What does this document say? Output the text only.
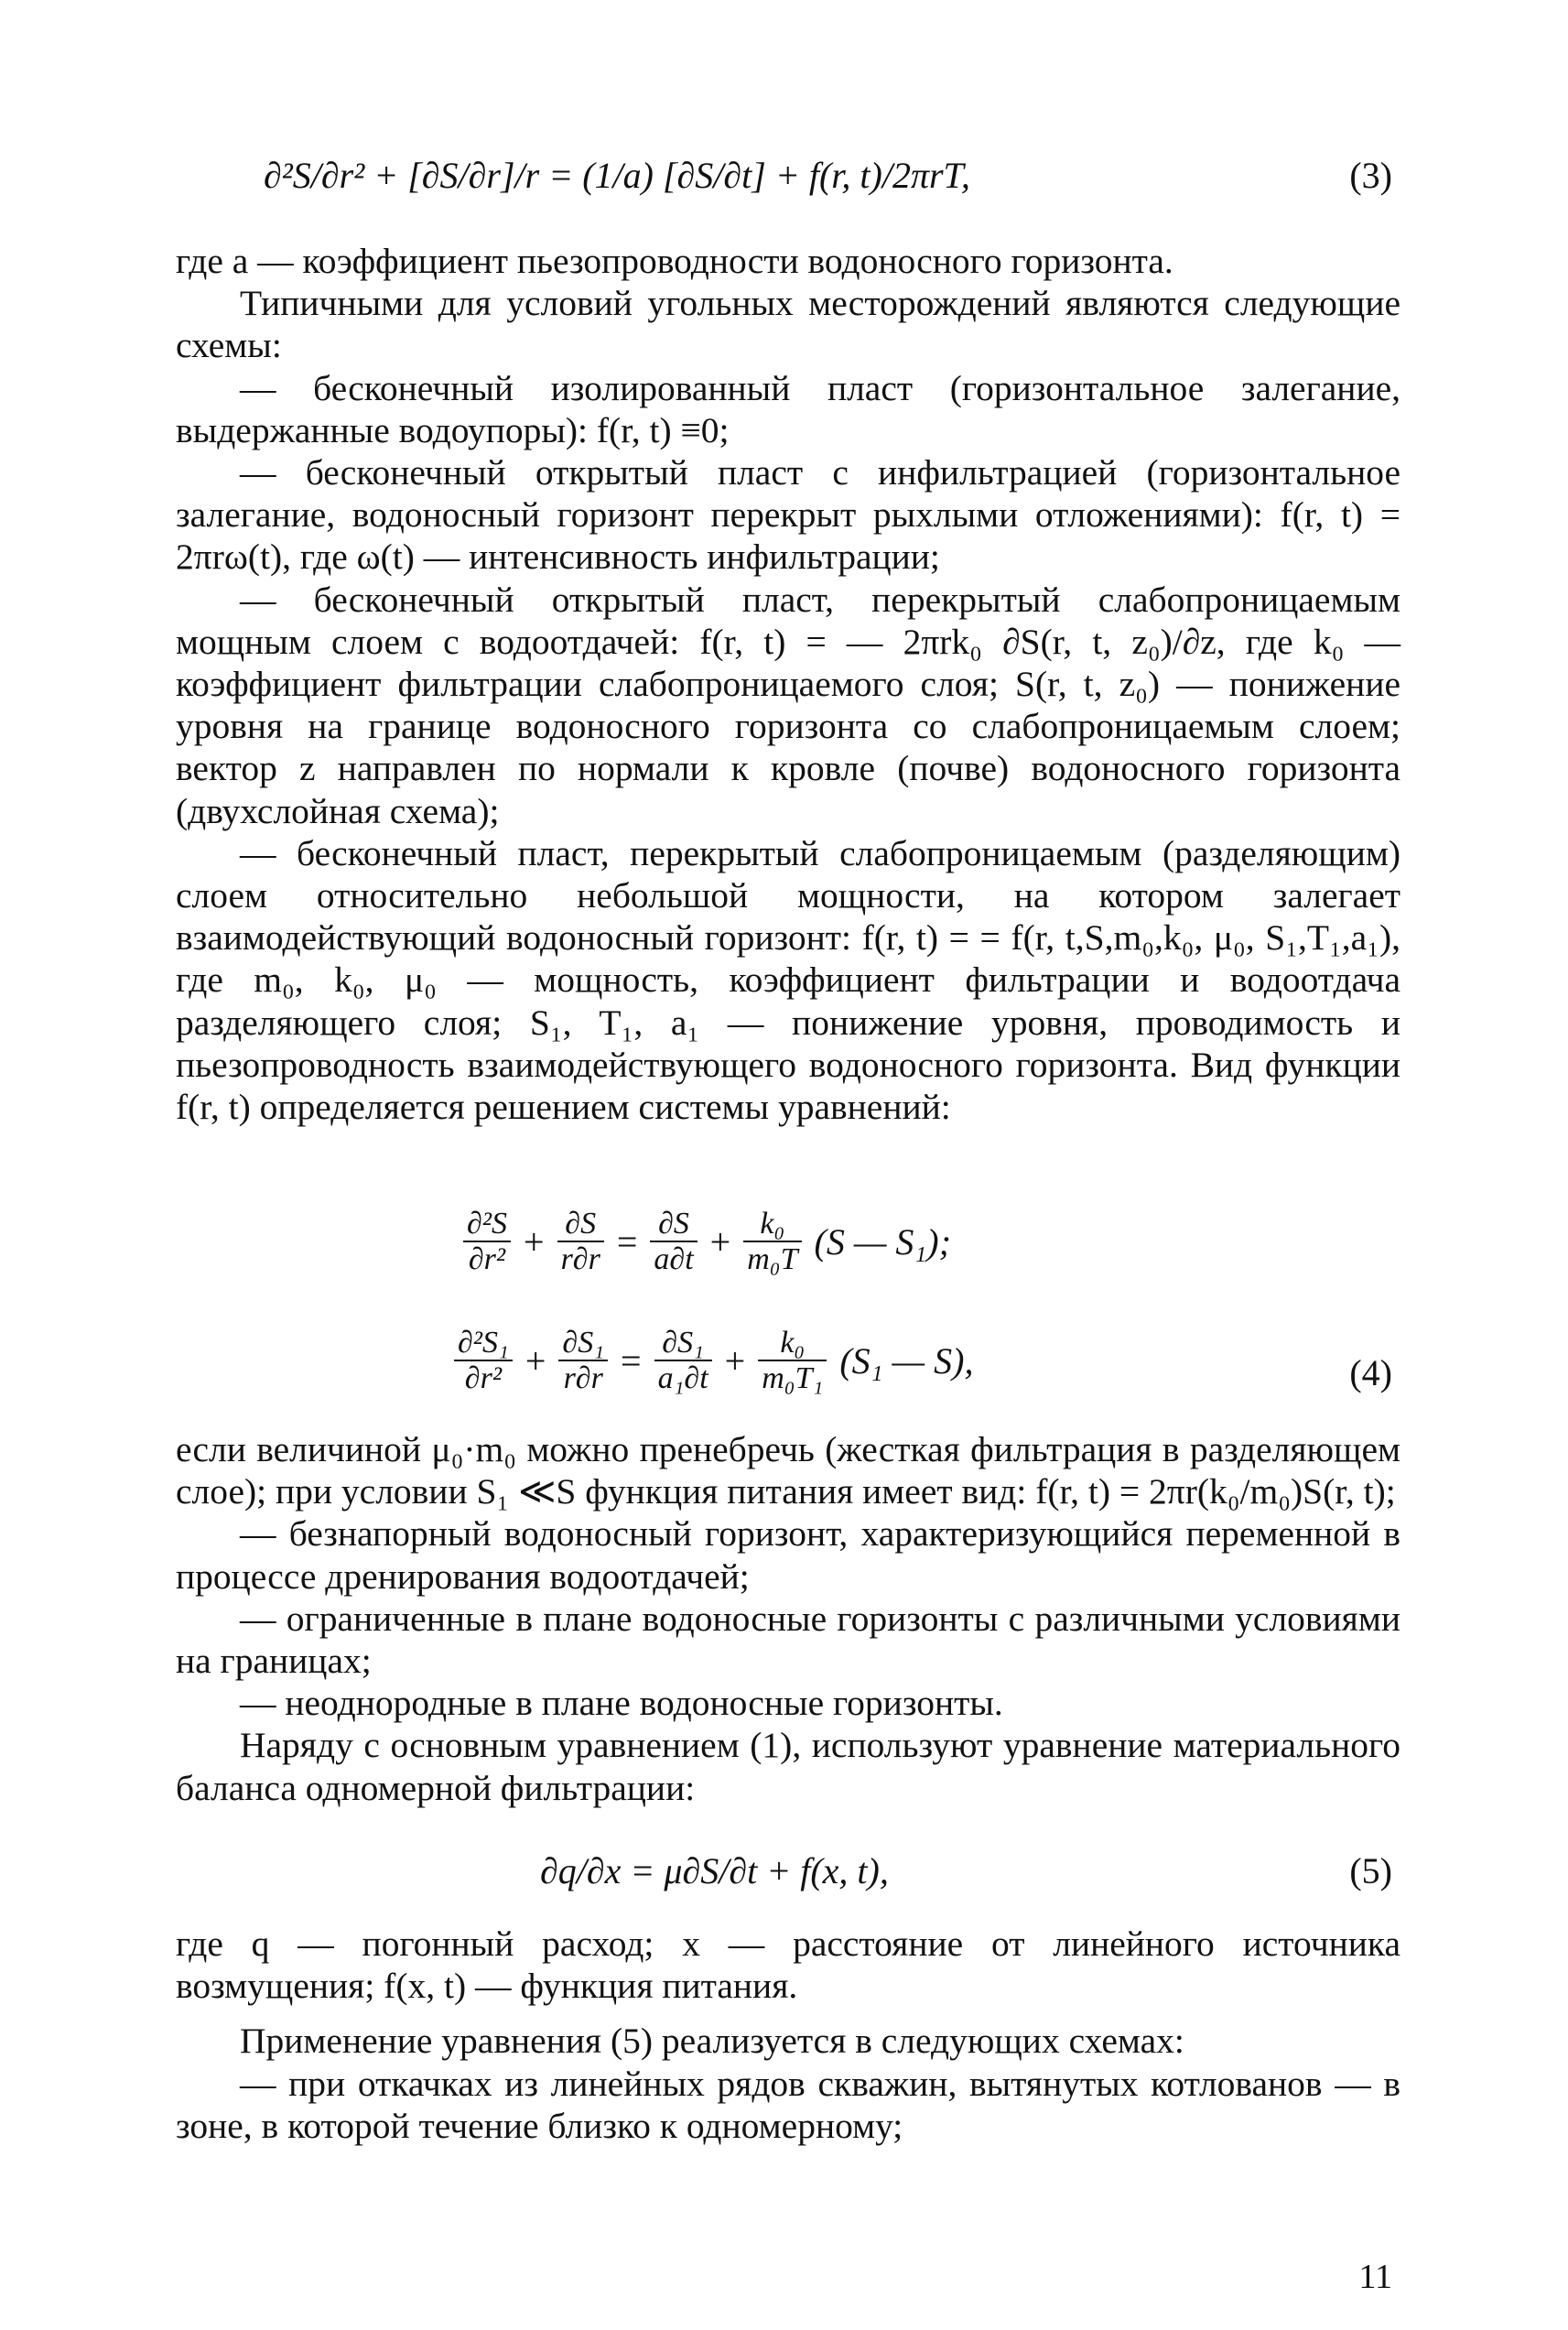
∂²S/∂r² + [∂S/∂r]/r = (1/a) [∂S/∂t] + f(r, t)/2πrT,	(3)

где a — коэффициент пьезопроводности водоносного горизонта.

Типичными для условий угольных месторождений являются следующие схемы:

— бесконечный изолированный пласт (горизонтальное залегание, выдержанные водоупоры): f(r, t) ≡0;

— бесконечный открытый пласт с инфильтрацией (горизонтальное залегание, водоносный горизонт перекрыт рыхлыми отложениями): f(r, t) = 2πrω(t), где ω(t) — интенсивность инфильтрации;

— бесконечный открытый пласт, перекрытый слабопроницаемым мощным слоем с водоотдачей: f(r, t) = — 2πrk₀ ∂S(r, t, z₀)/∂z, где k₀ — коэффициент фильтрации слабопроницаемого слоя; S(r, t, z₀) — понижение уровня на границе водоносного горизонта со слабопроницаемым слоем; вектор z направлен по нормали к кровле (почве) водоносного горизонта (двухслойная схема);

— бесконечный пласт, перекрытый слабопроницаемым (разделяющим) слоем относительно небольшой мощности, на котором залегает взаимодействующий водоносный горизонт: f(r, t) = = f(r, t,S,m₀,k₀, μ₀, S₁,T₁,a₁), где m₀, k₀, μ₀ — мощность, коэффициент фильтрации и водоотдача разделяющего слоя; S₁, T₁, a₁ — понижение уровня, проводимость и пьезопроводность взаимодействующего водоносного горизонта. Вид функции f(r, t) определяется решением системы уравнений:

$\frac{\text{∂²S}}{\text{∂r²}} + \frac{\partial S}{r\partial r} = \frac{\partial S}{a\partial t} + \frac{\text{k₀}}{\text{m₀T}} (S$ — S₁);
$\frac{\text{∂²S₁}}{\text{∂r²}} + \frac{\text{∂S₁}}{r\partial r} = \frac{\text{∂S₁}}{\text{a₁∂t}} + \frac{\text{k₀}}{\text{m₀T₁}} (S_1$ — S),	(4)

если величиной μ₀·m₀ можно пренебречь (жесткая фильтрация в разделяющем слое); при условии S₁ ≪S функция питания имеет вид: f(r, t) = 2πr(k₀/m₀)S(r, t);

— безнапорный водоносный горизонт, характеризующийся переменной в процессе дренирования водоотдачей;

— ограниченные в плане водоносные горизонты с различными условиями на границах;

— неоднородные в плане водоносные горизонты.

Наряду с основным уравнением (1), используют уравнение материального баланса одномерной фильтрации:

∂q/∂x = μ∂S/∂t + f(x, t),	(5)

где q — погонный расход; x — расстояние от линейного источника возмущения; f(x, t) — функция питания.

Применение уравнения (5) реализуется в следующих схемах:

— при откачках из линейных рядов скважин, вытянутых котлованов — в зоне, в которой течение близко к одномерному;

11
